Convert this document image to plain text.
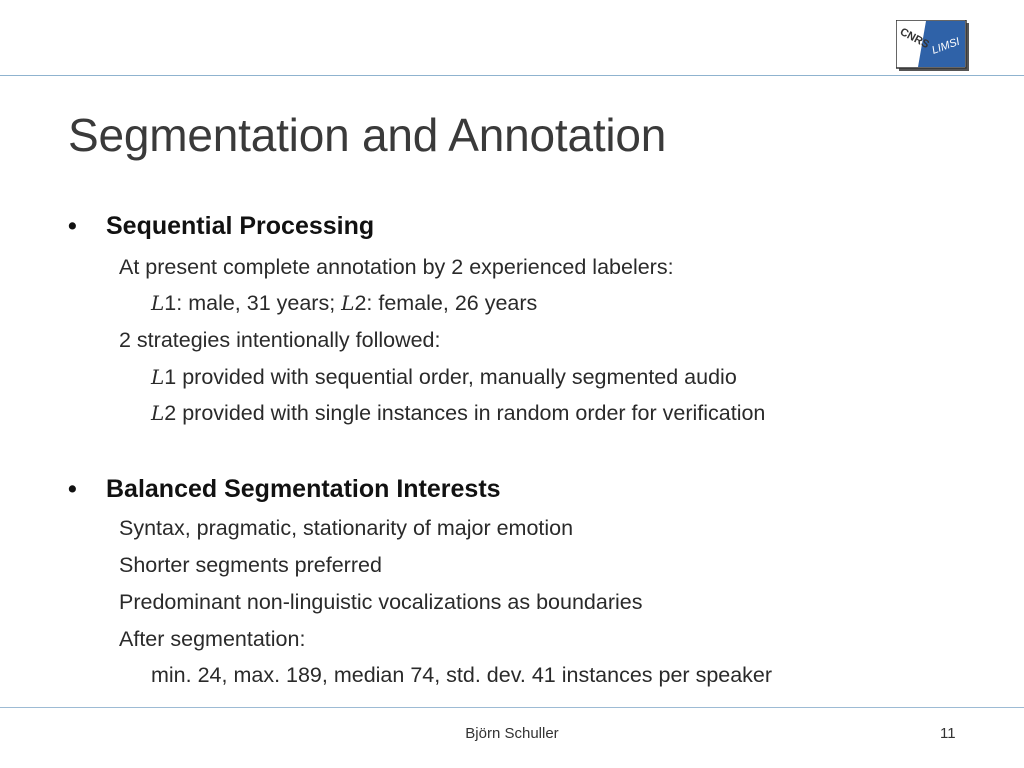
CNRS LIMSI
Segmentation and Annotation
• Sequential Processing
At present complete annotation by 2 experienced labelers:
L1: male, 31 years; L2: female, 26 years
2 strategies intentionally followed:
L1 provided with sequential order, manually segmented audio
L2 provided with single instances in random order for verification
• Balanced Segmentation Interests
Syntax, pragmatic, stationarity of major emotion
Shorter segments preferred
Predominant non-linguistic vocalizations as boundaries
After segmentation:
min. 24, max. 189, median 74, std. dev. 41 instances per speaker
Björn Schuller	11
